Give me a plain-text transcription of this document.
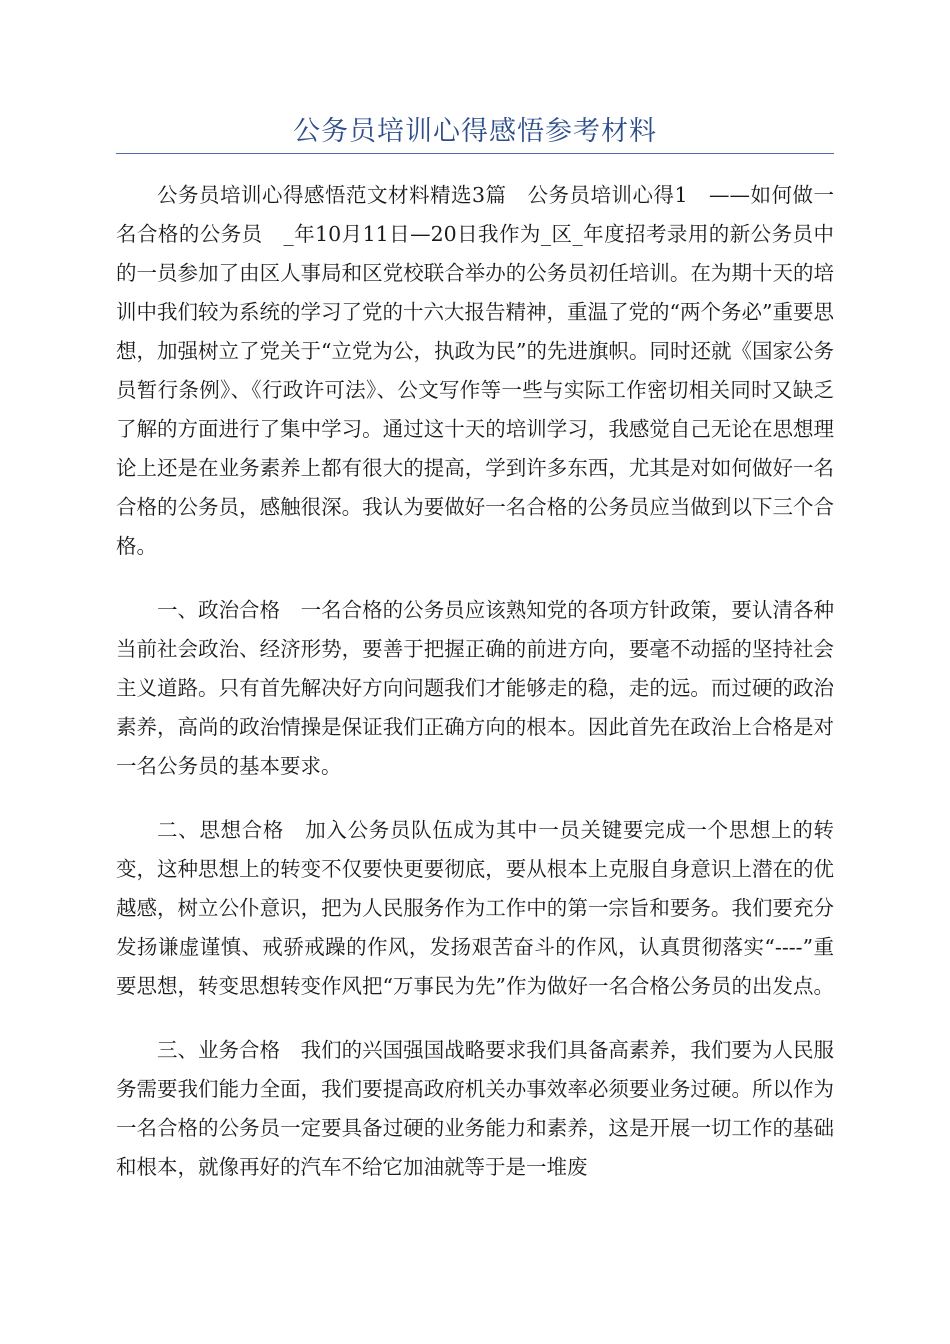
公务员培训心得感悟参考材料

公务员培训心得感悟范文材料精选3篇　公务员培训心得1　——如何做一名合格的公务员　_年10月11日—20日我作为_区_年度招考录用的新公务员中的一员参加了由区人事局和区党校联合举办的公务员初任培训。在为期十天的培训中我们较为系统的学习了党的十六大报告精神，重温了党的“两个务必”重要思想，加强树立了党关于“立党为公，执政为民”的先进旗帜。同时还就《国家公务员暂行条例》、《行政许可法》、公文写作等一些与实际工作密切相关同时又缺乏了解的方面进行了集中学习。通过这十天的培训学习，我感觉自己无论在思想理论上还是在业务素养上都有很大的提高，学到许多东西，尤其是对如何做好一名合格的公务员，感触很深。我认为要做好一名合格的公务员应当做到以下三个合格。

一、政治合格　一名合格的公务员应该熟知党的各项方针政策，要认清各种当前社会政治、经济形势，要善于把握正确的前进方向，要毫不动摇的坚持社会主义道路。只有首先解决好方向问题我们才能够走的稳，走的远。而过硬的政治素养，高尚的政治情操是保证我们正确方向的根本。因此首先在政治上合格是对一名公务员的基本要求。

二、思想合格　加入公务员队伍成为其中一员关键要完成一个思想上的转变，这种思想上的转变不仅要快更要彻底，要从根本上克服自身意识上潜在的优越感，树立公仆意识，把为人民服务作为工作中的第一宗旨和要务。我们要充分发扬谦虚谨慎、戒骄戒躁的作风，发扬艰苦奋斗的作风，认真贯彻落实“----”重要思想，转变思想转变作风把“万事民为先”作为做好一名合格公务员的出发点。

三、业务合格　我们的兴国强国战略要求我们具备高素养，我们要为人民服务需要我们能力全面，我们要提高政府机关办事效率必须要业务过硬。所以作为一名合格的公务员一定要具备过硬的业务能力和素养，这是开展一切工作的基础和根本，就像再好的汽车不给它加油就等于是一堆废
